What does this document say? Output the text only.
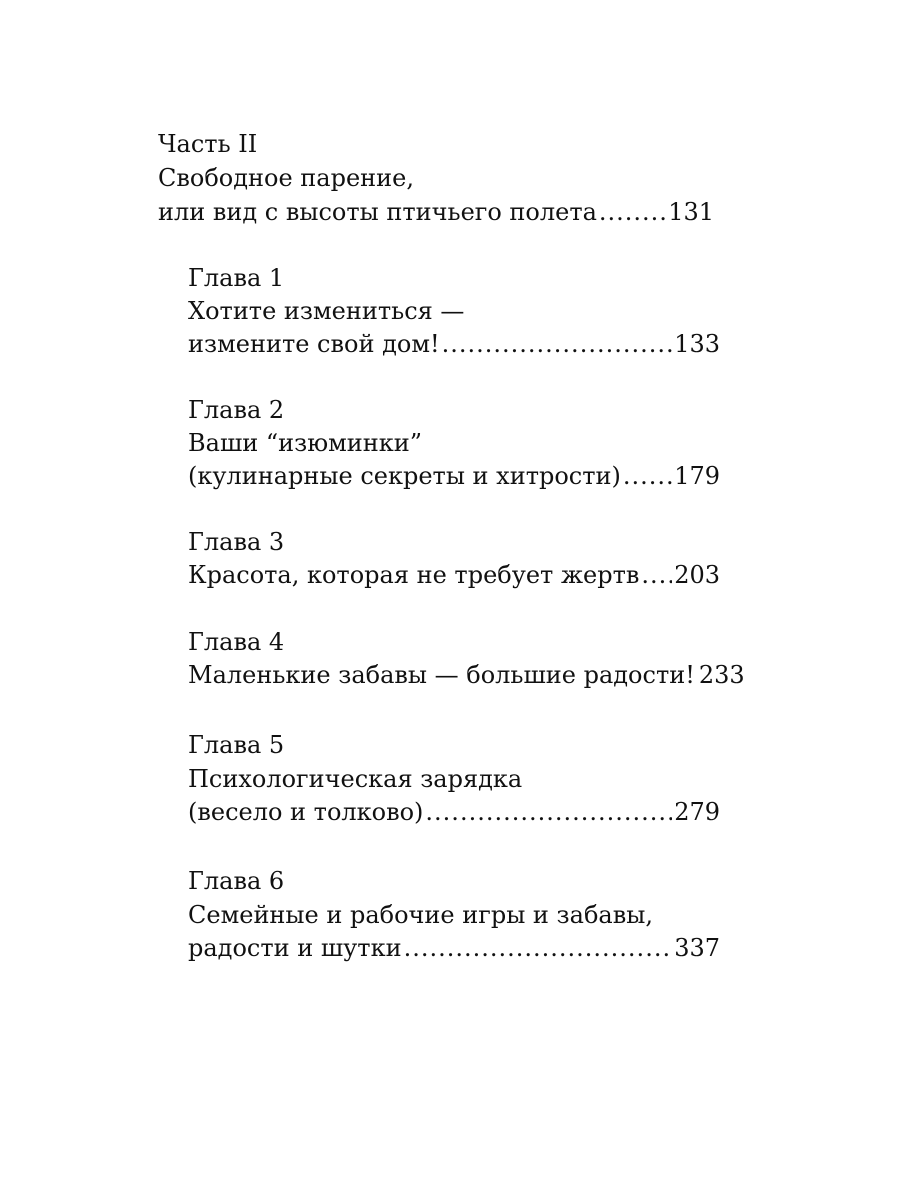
Часть II
Свободное парение,
или вид с высоты птичьего полета .....	131
Глава 1
Хотите измениться —
измените свой дом! .....	133
Глава 2
Ваши “изюминки”
(кулинарные секреты и хитрости) ..... 179
Глава 3
Красота, которая не требует жертв ..... 203
Глава 4
Маленькие забавы — большие радости! 233
Глава 5
Психологическая зарядка
(весело и толково) .....	279
Глава 6
Семейные и рабочие игры и забавы,
радости и шутки .....	337
